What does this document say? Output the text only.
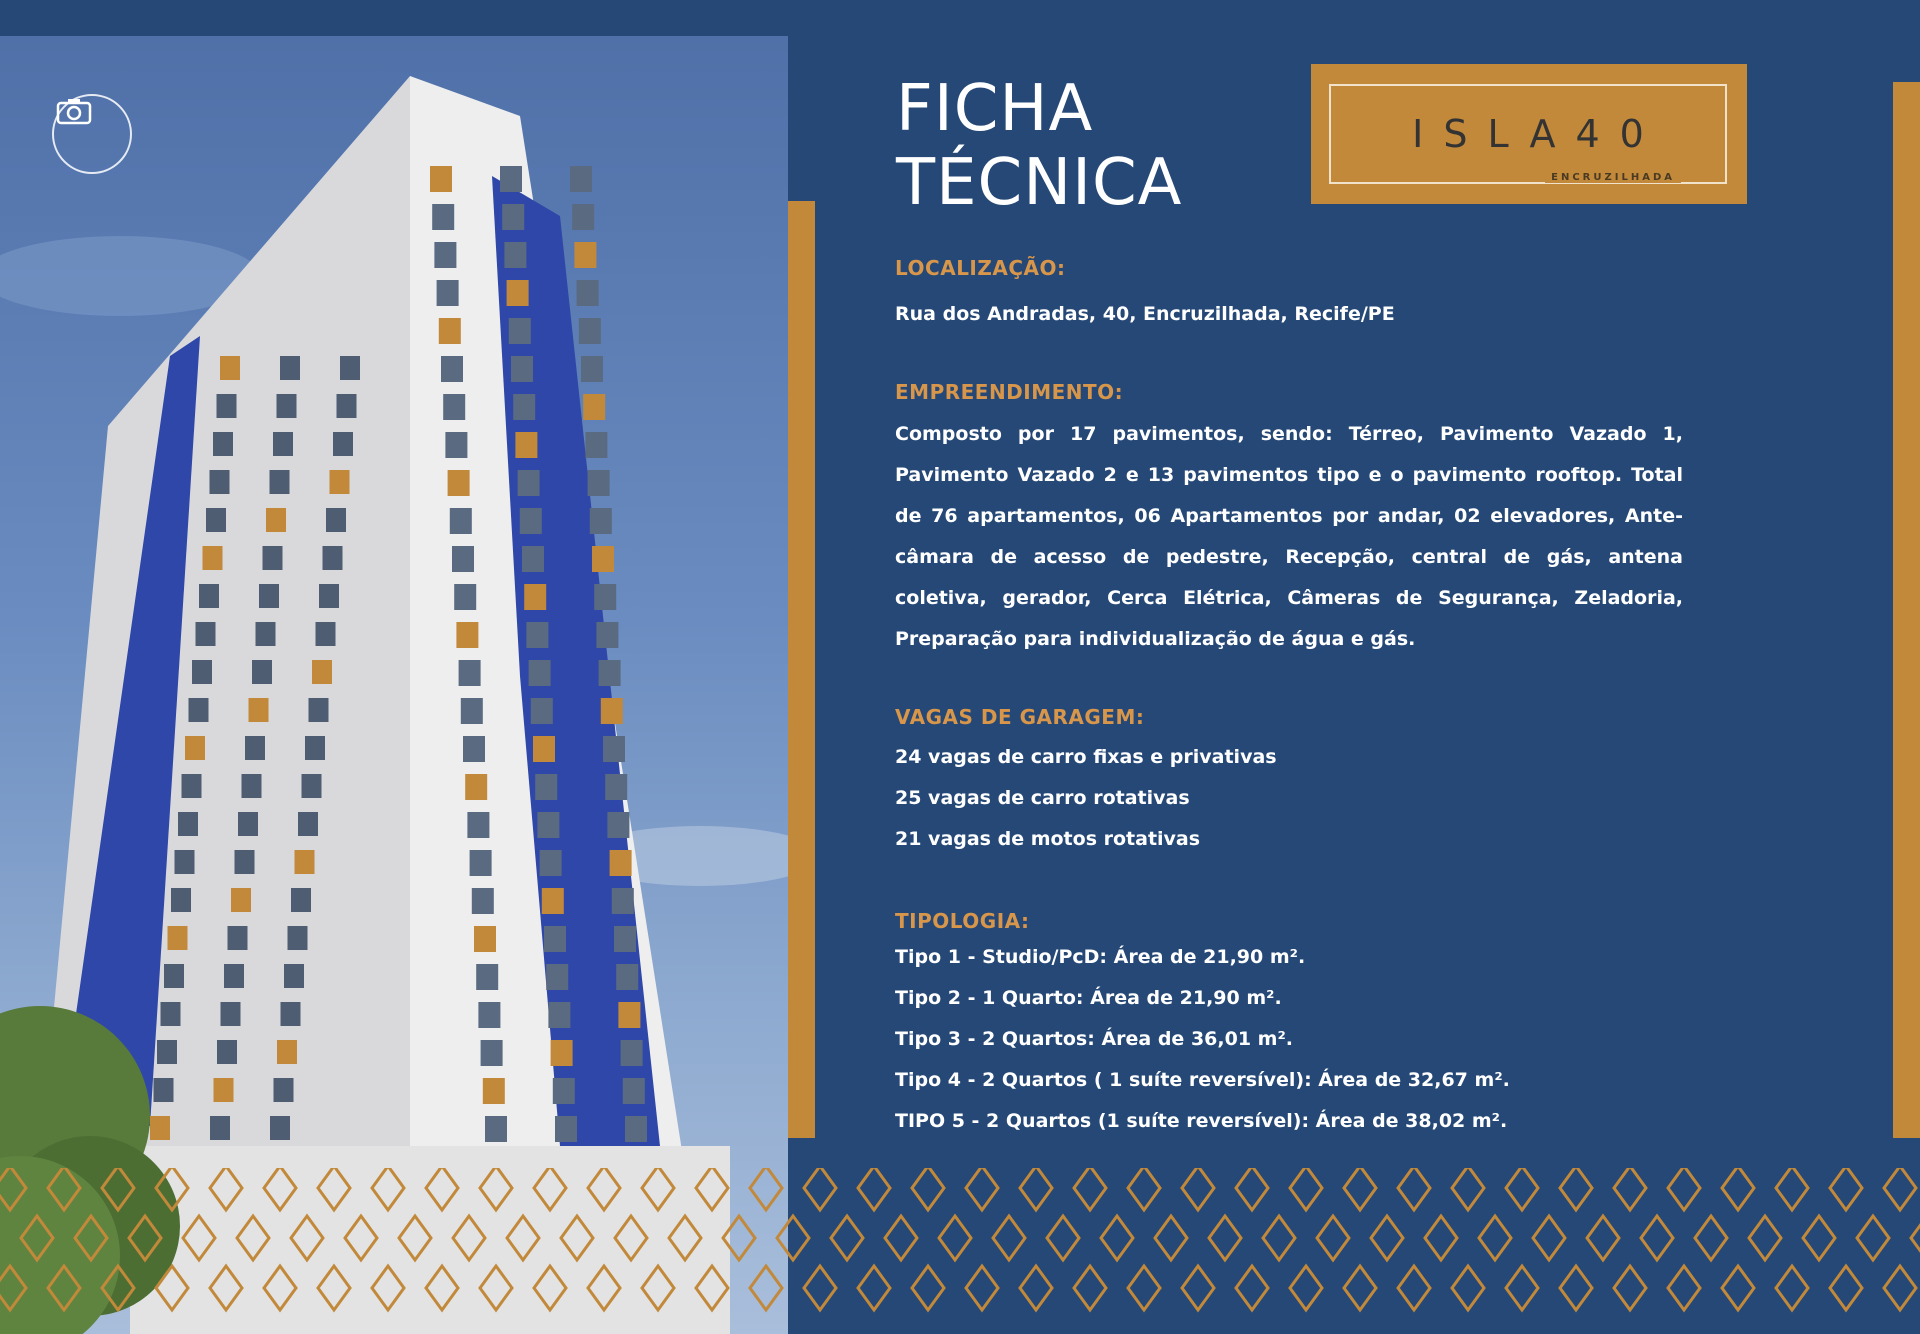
FICHA
TÉCNICA
ISLA40
ENCRUZILHADA
LOCALIZAÇÃO:

Rua dos Andradas, 40, Encruzilhada, Recife/PE

EMPREENDIMENTO:

Composto por 17 pavimentos, sendo: Térreo, Pavimento Vazado 1, Pavimento Vazado 2 e 13 pavimentos tipo e o pavimento rooftop. Total de 76 apartamentos, 06 Apartamentos por andar, 02 elevadores, Ante-câmara de acesso de pedestre, Recepção, central de gás, antena coletiva, gerador, Cerca Elétrica, Câmeras de Segurança, Zeladoria, Preparação para individualização de água e gás.

VAGAS DE GARAGEM:
24 vagas de carro fixas e privativas
25 vagas de carro rotativas
21 vagas de motos rotativas
TIPOLOGIA:
Tipo 1 - Studio/PcD: Área de 21,90 m².
Tipo 2 - 1 Quarto: Área de 21,90 m².
Tipo 3 - 2 Quartos: Área de 36,01 m².
Tipo 4 - 2 Quartos ( 1 suíte reversível): Área de 32,67 m².
TIPO 5 - 2 Quartos (1 suíte reversível): Área de 38,02 m².
